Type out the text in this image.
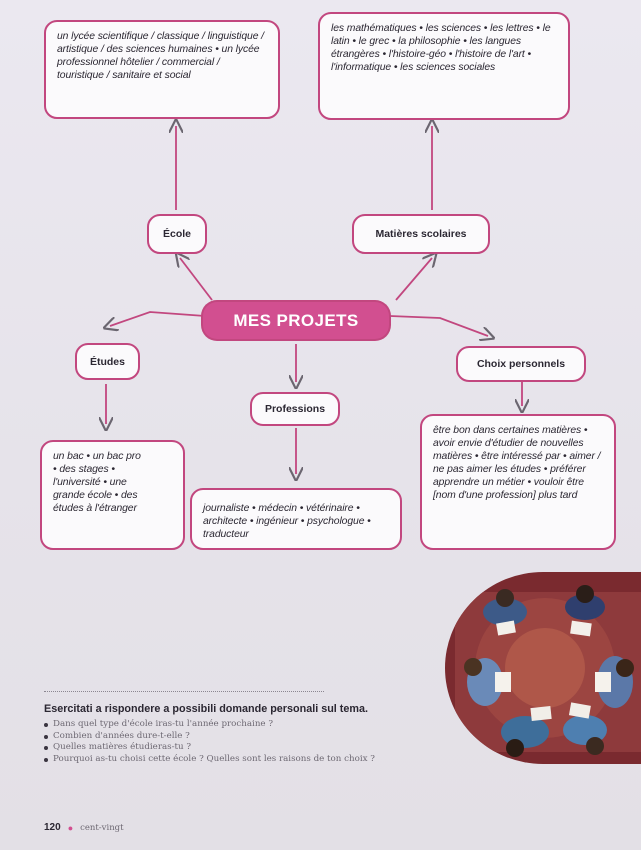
un lycée scientifique / classique / linguistique / artistique / des sciences humaines • un lycée professionnel hôtelier / commercial / touristique / sanitaire et social
les mathématiques • les sciences • les lettres • le latin • le grec • la philosophie • les langues étrangères • l'histoire-géo • l'histoire de l'art • l'informatique • les sciences sociales
École	Matières scolaires
MES PROJETS
Études	Choix personnels
Professions
un bac • un bac pro • des stages • l'université • une grande école • des études à l'étranger	journaliste • médecin • vétérinaire • architecte • ingénieur • psychologue • traducteur
être bon dans certaines matières • avoir envie d'étudier de nouvelles matières • être intéressé par • aimer / ne pas aimer les études • préférer apprendre un métier • vouloir être [nom d'une profession] plus tard
Esercitati a rispondere a possibili domande personali sul tema.
Dans quel type d'école iras-tu l'année prochaine ?
Combien d'années dure-t-elle ?
Quelles matières étudieras-tu ?
Pourquoi as-tu choisi cette école ? Quelles sont les raisons de ton choix ?
120 ● cent-vingt
